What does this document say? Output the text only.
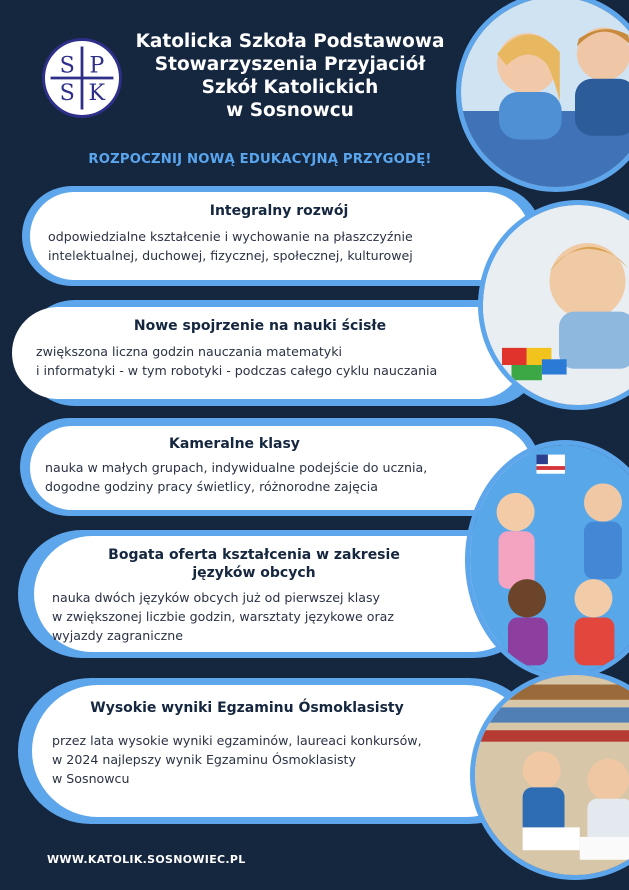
S P
S K
Katolicka Szkoła Podstawowa
Stowarzyszenia Przyjaciół
Szkół Katolickich
w Sosnowcu
ROZPOCZNIJ NOWĄ EDUKACYJNĄ PRZYGODĘ!
Integralny rozwój
odpowiedzialne kształcenie i wychowanie na płaszczyźnie
intelektualnej, duchowej, fizycznej, społecznej, kulturowej
Nowe spojrzenie na nauki ścisłe
zwiększona liczna godzin nauczania matematyki
i informatyki - w tym robotyki - podczas całego cyklu nauczania
Kameralne klasy
nauka w małych grupach, indywidualne podejście do ucznia,
dogodne godziny pracy świetlicy, różnorodne zajęcia
Bogata oferta kształcenia w zakresie
języków obcych
nauka dwóch języków obcych już od pierwszej klasy
w zwiększonej liczbie godzin, warsztaty językowe oraz
wyjazdy zagraniczne
Wysokie wyniki Egzaminu Ósmoklasisty
przez lata wysokie wyniki egzaminów, laureaci konkursów,
w 2024 najlepszy wynik Egzaminu Ósmoklasisty
w Sosnowcu
WWW.KATOLIK.SOSNOWIEC.PL
